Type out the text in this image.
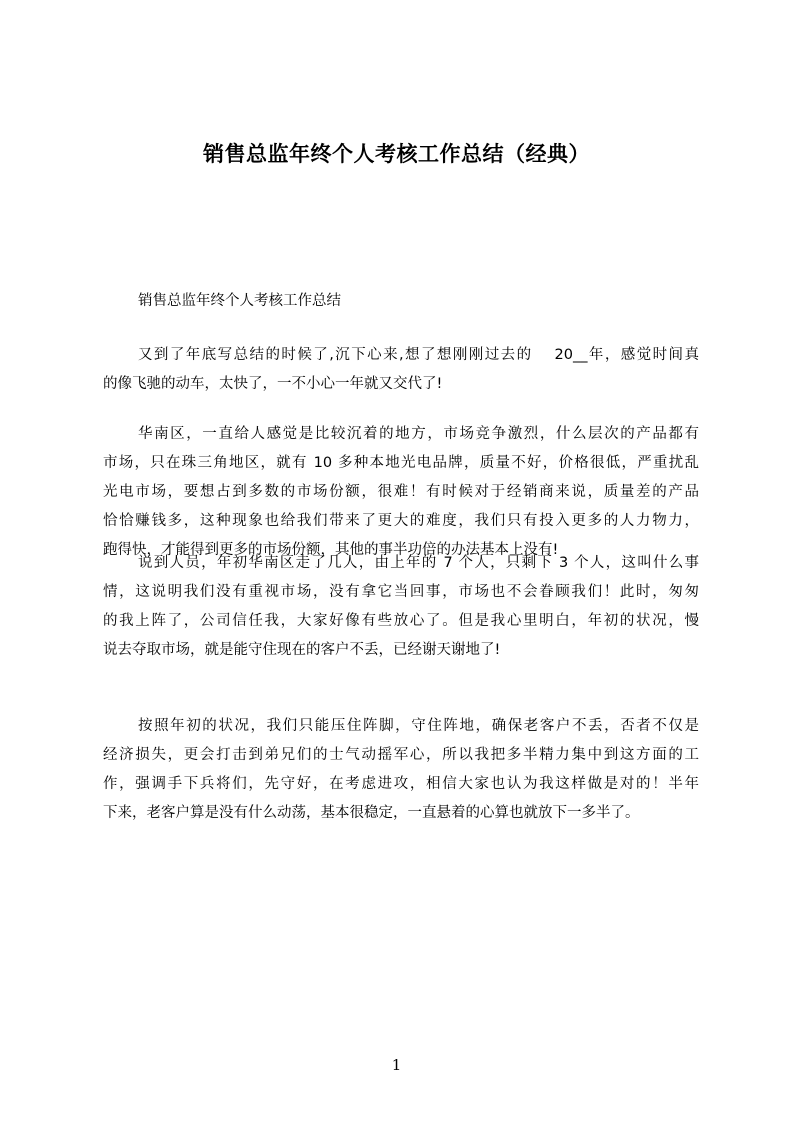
销售总监年终个人考核工作总结（经典）
销售总监年终个人考核工作总结
又到了年底写总结的时候了,沉下心来,想了想刚刚过去的　 20__年，感觉时间真
的像飞驰的动车，太快了，一不小心一年就又交代了!
华南区，一直给人感觉是比较沉着的地方，市场竞争激烈，什么层次的产品都有
市场，只在珠三角地区，就有 10 多种本地光电品牌，质量不好，价格很低，严重扰乱
光电市场，要想占到多数的市场份额，很难！有时候对于经销商来说，质量差的产品
恰恰赚钱多，这种现象也给我们带来了更大的难度，我们只有投入更多的人力物力，
跑得快，才能得到更多的市场份额，其他的事半功倍的办法基本上没有!
说到人员，年初华南区走了几人，由上年的 7 个人，只剩下 3 个人，这叫什么事
情，这说明我们没有重视市场，没有拿它当回事，市场也不会眷顾我们！此时，匆匆
的我上阵了，公司信任我，大家好像有些放心了。但是我心里明白，年初的状况，慢
说去夺取市场，就是能守住现在的客户不丢，已经谢天谢地了!
按照年初的状况，我们只能压住阵脚，守住阵地，确保老客户不丢，否者不仅是
经济损失，更会打击到弟兄们的士气动摇军心，所以我把多半精力集中到这方面的工
作，强调手下兵将们，先守好，在考虑进攻，相信大家也认为我这样做是对的！半年
下来，老客户算是没有什么动荡，基本很稳定，一直悬着的心算也就放下一多半了。
1
